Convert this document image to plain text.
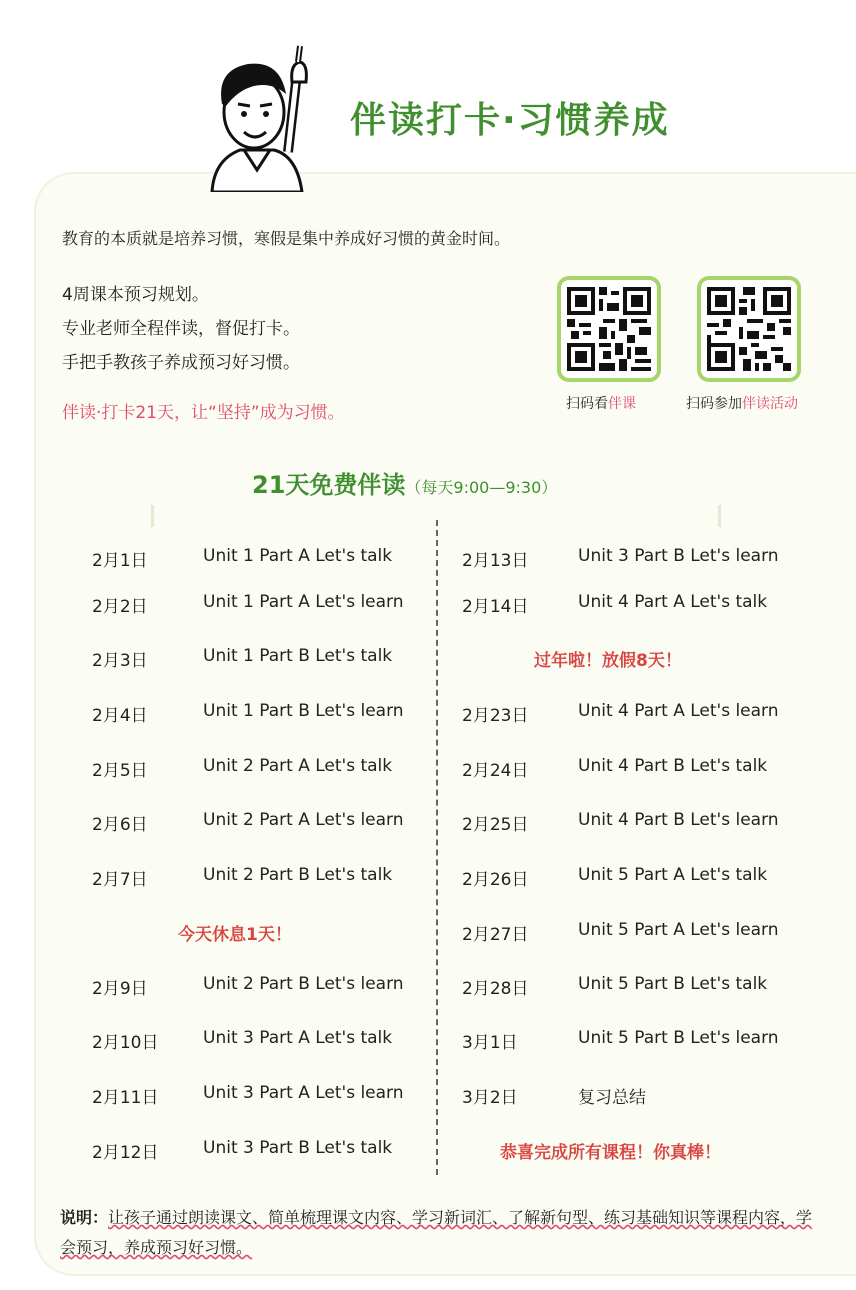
伴读打卡·习惯养成
教育的本质就是培养习惯，寒假是集中养成好习惯的黄金时间。
4周课本预习规划。
专业老师全程伴读，督促打卡。
手把手教孩子养成预习好习惯。
伴读·打卡21天，让“坚持”成为习惯。	扫码看伴课	扫码参加伴读活动
21天免费伴读（每天9:00—9:30）
2月1日	Unit 1 Part A Let's talk
2月2日	Unit 1 Part A Let's learn
2月3日	Unit 1 Part B Let's talk
2月4日	Unit 1 Part B Let's learn
2月5日	Unit 2 Part A Let's talk
2月6日	Unit 2 Part A Let's learn
2月7日	Unit 2 Part B Let's talk
今天休息1天！
2月9日	Unit 2 Part B Let's learn
2月10日	Unit 3 Part A Let's talk
2月11日	Unit 3 Part A Let's learn
2月12日	Unit 3 Part B Let's talk
2月13日	Unit 3 Part B Let's learn
2月14日	Unit 4 Part A Let's talk
过年啦！放假8天！
2月23日	Unit 4 Part A Let's learn
2月24日	Unit 4 Part B Let's talk
2月25日	Unit 4 Part B Let's learn
2月26日	Unit 5 Part A Let's talk
2月27日	Unit 5 Part A Let's learn
2月28日	Unit 5 Part B Let's talk
3月1日	Unit 5 Part B Let's learn
3月2日	复习总结
恭喜完成所有课程！你真棒！
说明：让孩子通过朗读课文、简单梳理课文内容、学习新词汇、了解新句型、练习基础知识等课程内容，学会预习，养成预习好习惯。
